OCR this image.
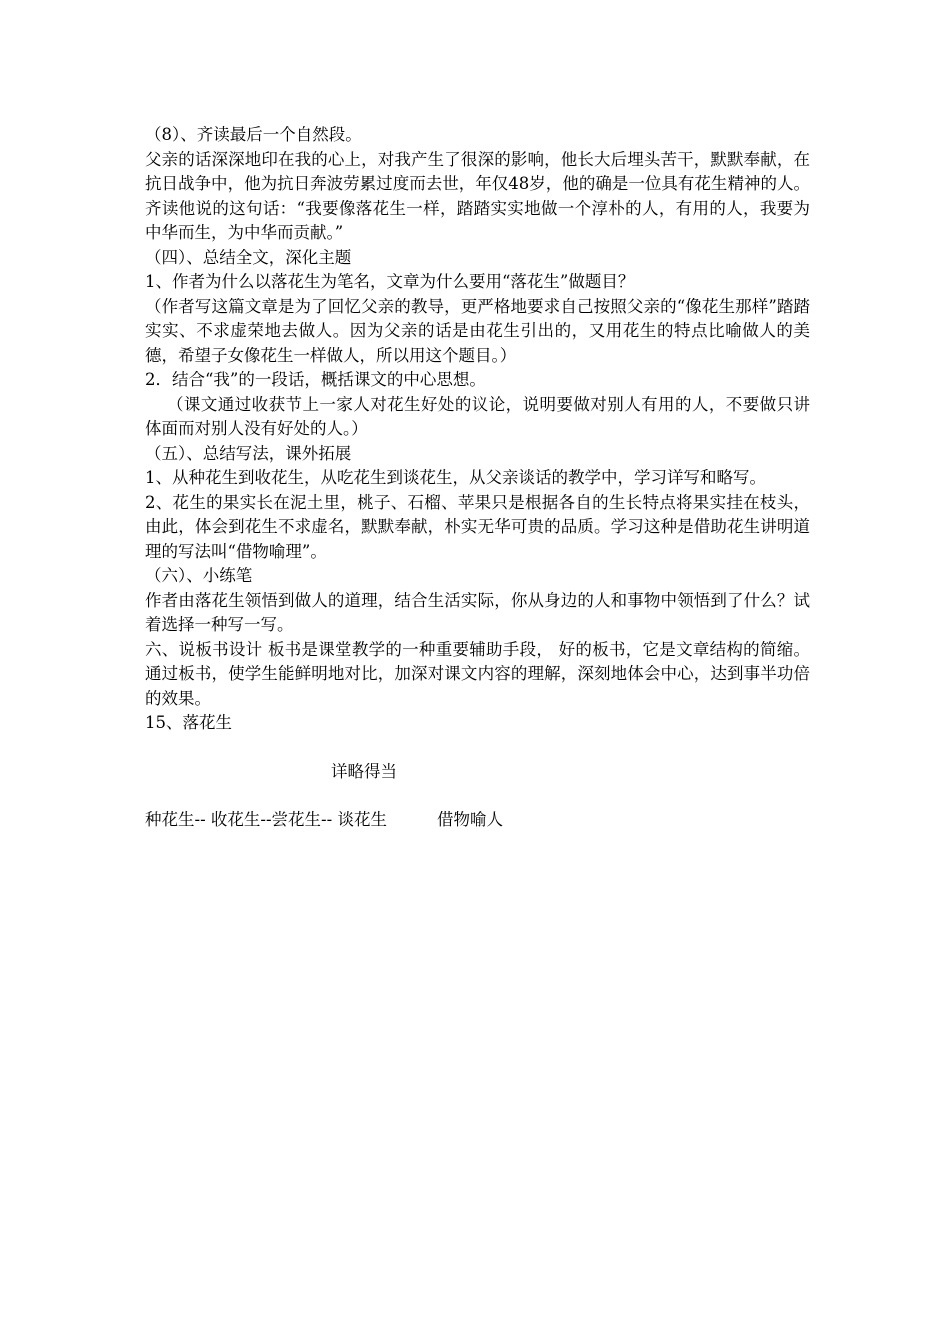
（8）、齐读最后一个自然段。

父亲的话深深地印在我的心上，对我产生了很深的影响，他长大后埋头苦干，默默奉献，在抗日战争中，他为抗日奔波劳累过度而去世，年仅48岁，他的确是一位具有花生精神的人。齐读他说的这句话：“我要像落花生一样，踏踏实实地做一个淳朴的人，有用的人，我要为中华而生，为中华而贡献。”

（四）、总结全文，深化主题

1、作者为什么以落花生为笔名，文章为什么要用“落花生”做题目？

（作者写这篇文章是为了回忆父亲的教导，更严格地要求自己按照父亲的“像花生那样”踏踏实实、不求虚荣地去做人。因为父亲的话是由花生引出的，又用花生的特点比喻做人的美德，希望子女像花生一样做人，所以用这个题目。）

2．结合“我”的一段话，概括课文的中心思想。

（课文通过收获节上一家人对花生好处的议论，说明要做对别人有用的人，不要做只讲体面而对别人没有好处的人。）

（五）、总结写法，课外拓展

1、从种花生到收花生，从吃花生到谈花生，从父亲谈话的教学中，学习详写和略写。

2、花生的果实长在泥土里，桃子、石榴、苹果只是根据各自的生长特点将果实挂在枝头，由此，体会到花生不求虚名，默默奉献，朴实无华可贵的品质。学习这种是借助花生讲明道理的写法叫“借物喻理”。

（六）、小练笔

作者由落花生领悟到做人的道理，结合生活实际，你从身边的人和事物中领悟到了什么？试着选择一种写一写。

六、说板书设计 板书是课堂教学的一种重要辅助手段， 好的板书，它是文章结构的简缩。通过板书，使学生能鲜明地对比，加深对课文内容的理解，深刻地体会中心，达到事半功倍的效果。

15、落花生

详略得当
种花生-- 收花生--尝花生-- 谈花生	借物喻人
